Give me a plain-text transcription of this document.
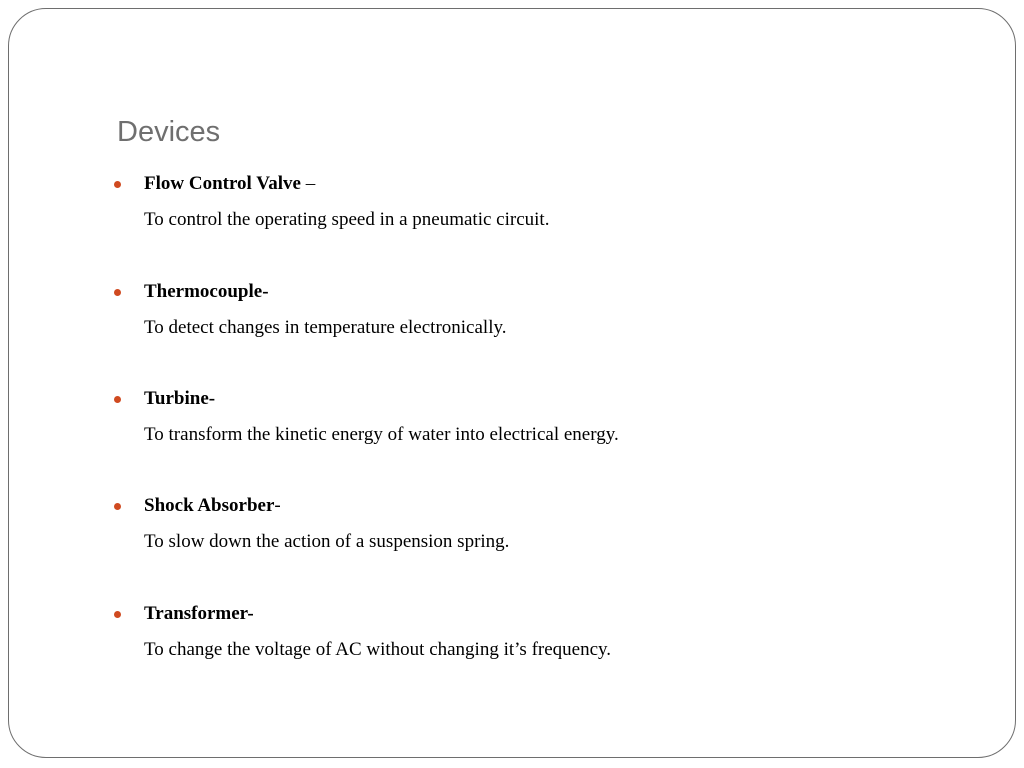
Devices
Flow Control Valve –

To control the operating speed in a pneumatic circuit.

Thermocouple-

To detect changes in temperature electronically.

Turbine-

To transform the kinetic energy of water into electrical energy.

Shock Absorber-

To slow down the action of a suspension spring.

Transformer-

To change the voltage of AC without changing it’s frequency.
